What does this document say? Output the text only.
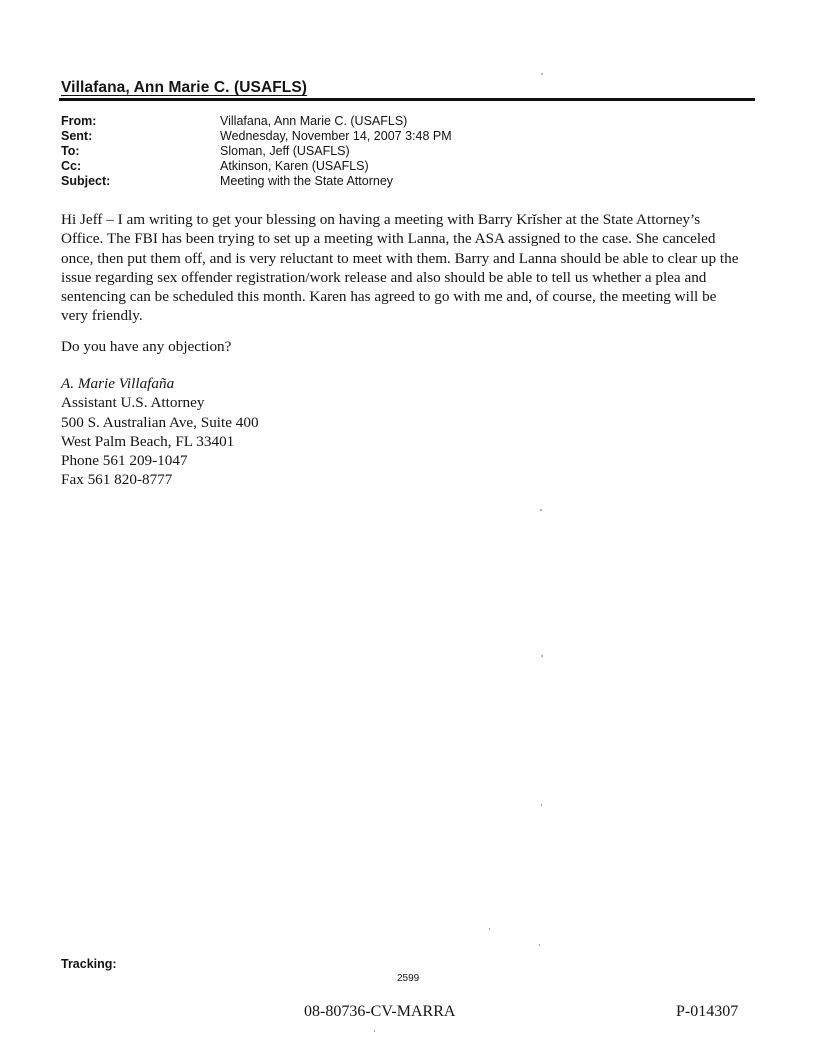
Villafana, Ann Marie C. (USAFLS)
From:	Villafana, Ann Marie C. (USAFLS)
Sent:	Wednesday, November 14, 2007 3:48 PM
To:	Sloman, Jeff (USAFLS)
Cc:	Atkinson, Karen (USAFLS)
Subject:	Meeting with the State Attorney

Hi Jeff – I am writing to get your blessing on having a meeting with Barry Krĭsher at the State Attorney’s

Office. The FBI has been trying to set up a meeting with Lanna, the ASA assigned to the case. She canceled

once, then put them off, and is very reluctant to meet with them. Barry and Lanna should be able to clear up the

issue regarding sex offender registration/work release and also should be able to tell us whether a plea and

sentencing can be scheduled this month. Karen has agreed to go with me and, of course, the meeting will be

very friendly.

Do you have any objection?
A. Marie Villafaña
Assistant U.S. Attorney
500 S. Australian Ave, Suite 400
West Palm Beach, FL 33401
Phone 561 209-1047
Fax 561 820-8777
Tracking:
2599
08-80736-CV-MARRA	P-014307
